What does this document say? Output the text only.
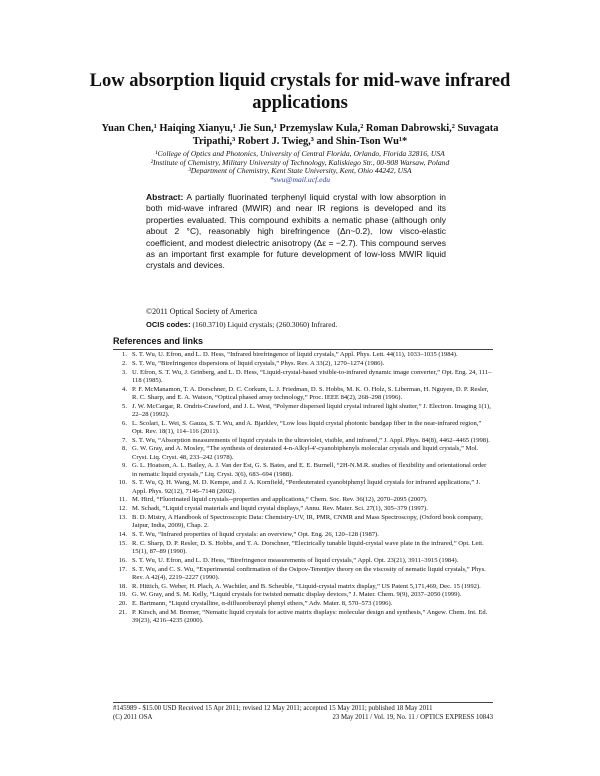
Low absorption liquid crystals for mid-wave infrared applications
Yuan Chen,¹ Haiqing Xianyu,¹ Jie Sun,¹ Przemyslaw Kula,² Roman Dabrowski,² Suvagata Tripathi,³ Robert J. Twieg,³ and Shin-Tson Wu¹*
¹College of Optics and Photonics, University of Central Florida, Orlando, Florida 32816, USA
²Institute of Chemistry, Military University of Technology, Kaliskiego Str., 00-908 Warsaw, Poland
³Department of Chemistry, Kent State University, Kent, Ohio 44242, USA
*swu@mail.ucf.edu
Abstract: A partially fluorinated terphenyl liquid crystal with low absorption in both mid-wave infrared (MWIR) and near IR regions is developed and its properties evaluated. This compound exhibits a nematic phase (although only about 2 °C), reasonably high birefringence (Δn~0.2), low visco-elastic coefficient, and modest dielectric anisotropy (Δε = −2.7). This compound serves as an important first example for future development of low-loss MWIR liquid crystals and devices.
©2011 Optical Society of America
OCIS codes: (160.3710) Liquid crystals; (260.3060) Infrared.
References and links
1. S. T. Wu, U. Efron, and L. D. Hess, “Infrared birefringence of liquid crystals,” Appl. Phys. Lett. 44(11), 1033–1035 (1984).
2. S. T. Wu, “Birefringence dispersions of liquid crystals,” Phys. Rev. A 33(2), 1270–1274 (1986).
3. U. Efron, S. T. Wu, J. Grinberg, and L. D. Hess, “Liquid-crystal-based visible-to-infrared dynamic image converter,” Opt. Eng. 24, 111–118 (1985).
4. P. F. McManamon, T. A. Dorschner, D. C. Corkum, L. J. Friedman, D. S. Hobbs, M. K. O. Holz, S. Liberman, H. Nguyen, D. P. Resler, R. C. Sharp, and E. A. Watson, “Optical phased array technology,” Proc. IEEE 84(2), 268–298 (1996).
5. J. W. McCargar, R. Ondris-Crawford, and J. L. West, “Polymer dispersed liquid crystal infrared light shutter,” J. Electron. Imaging 1(1), 22–28 (1992).
6. L. Scolari, L. Wei, S. Gauza, S. T. Wu, and A. Bjarklev, “Low loss liquid crystal photonic bandgap fiber in the near-infrared region,” Opt. Rev. 18(1), 114–116 (2011).
7. S. T. Wu, “Absorption measurements of liquid crystals in the ultraviolet, visible, and infrared,” J. Appl. Phys. 84(8), 4462–4465 (1998).
8. G. W. Gray, and A. Mosley, “The synthesis of deuterated 4-n-Alkyl-4'-cyanobiphenyls molecular crystals and liquid crystals,” Mol. Cryst. Liq. Cryst. 48, 233–242 (1978).
9. G. L. Hoatson, A. L. Bailey, A. J. Van der Est, G. S. Bates, and E. E. Burnell, “2H-N.M.R. studies of flexibility and orientational order in nematic liquid crystals,” Liq. Cryst. 3(6), 683–694 (1988).
10. S. T. Wu, Q. H. Wang, M. D. Kempe, and J. A. Kornfield, “Perdeuterated cyanobiphenyl liquid crystals for infrared applications,” J. Appl. Phys. 92(12), 7146–7148 (2002).
11. M. Hird, “Fluorinated liquid crystals--properties and applications,” Chem. Soc. Rev. 36(12), 2070–2095 (2007).
12. M. Schadt, “Liquid crystal materials and liquid crystal displays,” Annu. Rev. Mater. Sci. 27(1), 305–379 (1997).
13. B. D. Mistry, A Handbook of Spectroscopic Data: Chemistry-UV, IR, PMR, CNMR and Mass Spectroscopy, (Oxford book company, Jaipur, India, 2009), Chap. 2.
14. S. T. Wu, “Infrared properties of liquid crystals: an overview,” Opt. Eng. 26, 120–128 (1987).
15. R. C. Sharp, D. P. Resler, D. S. Hobbs, and T. A. Dorschner, “Electrically tunable liquid-crystal wave plate in the infrared,” Opt. Lett. 15(1), 87–89 (1990).
16. S. T. Wu, U. Efron, and L. D. Hess, “Birefringence measurements of liquid crystals,” Appl. Opt. 23(21), 3911–3915 (1984).
17. S. T. Wu, and C. S. Wu, “Experimental confirmation of the Osipov-Terentjev theory on the viscosity of nematic liquid crystals,” Phys. Rev. A 42(4), 2219–2227 (1990).
18. R. Hittich, G. Weber, H. Plach, A. Wachtler, and B. Scheuble, “Liquid-crystal matrix display,” US Patent 5,171,469, Dec. 15 (1992).
19. G. W. Gray, and S. M. Kelly, “Liquid crystals for twisted nematic display devices,” J. Mater. Chem. 9(9), 2037–2050 (1999).
20. E. Bartmann, “Liquid crystalline, α-difluorobenzyl phenyl ethers,” Adv. Mater. 8, 570–573 (1996).
21. P. Kirsch, and M. Bremer, “Nematic liquid crystals for active matrix displays: molecular design and synthesis,” Angew. Chem. Int. Ed. 39(23), 4216–4235 (2000).
#145989 - $15.00 USD Received 15 Apr 2011; revised 12 May 2011; accepted 15 May 2011; published 18 May 2011
(C) 2011 OSA	23 May 2011 / Vol. 19, No. 11 / OPTICS EXPRESS 10843
